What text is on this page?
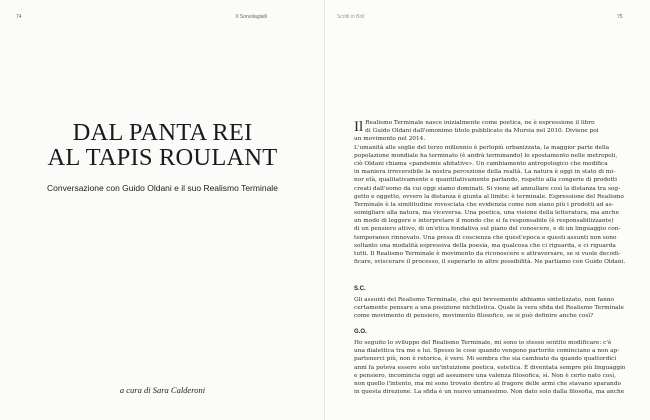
74	Il Sorvolagialli
DAL PANTA REI
AL TAPIS ROULANT
Conversazione con Guido Oldani e il suo Realismo Terminale
a cura di Sara Calderoni
Scritti in Boll	75
Il Realismo Terminale nasce inizialmente come poetica, ne è espressione il libro
di Guido Oldani dall'omonimo titolo pubblicato da Mursia nel 2010. Diviene poi
un movimento nel 2014.
L'umanità alle soglie del terzo millennio è perlopiù urbanizzata, la maggior parte della
popolazione mondiale ha terminato (è andrà terminando) lo spostamento nelle metropoli,
ciò Oldani chiama «pandemie abitative». Un cambiamento antropologico che modifica
in maniera irreversibile la nostra percezione della realtà. La natura è oggi in stato di mi-
nor età, qualitativamente e quantitativamente parlando, rispetto alla congerie di prodotti
creati dall'uomo da cui oggi siamo dominati. Si viene ad annullare così la distanza tra sog-
getto e oggetto, ovvero la distanza è giunta al limite: è terminale. Espressione del Realismo
Terminale è la similitudine rovesciata che evidenzia come non siano più i prodotti ad as-
somigliare alla natura, ma viceversa. Una poetica, una visione della letteratura, ma anche
un modo di leggere e interpretare il mondo che si fa responsabile (è responsabilizzante)
di un pensiero attivo, di un'etica fondativa sul piano del conoscere, e di un linguaggio con-
temporaneo rinnovato. Una presa di coscienza che quest'epoca e questi assunti non sono
soltanto una modalità espressiva della poesia, ma qualcosa che ci riguarda, e ci riguarda
tutti. Il Realismo Terminale è movimento da riconoscere e attraversare, se si vuole decodi-
ficare, sviscerare il processo, il superarlo in altre possibilità. Ne parliamo con Guido Oldani.
S.C.
Gli assunti del Realismo Terminale, che qui brevemente abbiamo sintetizzato, non fanno
certamente pensare a una posizione nichilistica. Quale la vera sfida del Realismo Terminale
come movimento di pensiero, movimento filosofico, se si può definire anche così?
G.O.
Ho seguito lo sviluppo del Realismo Terminale, mi sono io stesso sentito modificare: c'è
una dialettica tra me e lui. Spesso le cose quando vengono partorite cominciano a non ap-
partenerci più, non è retorica, è vero. Mi sembra che sia cambiato da quando quattordici
anni fa poteva essere solo un'intuizione poetica, estetica. È diventata sempre più linguaggio
e pensiero, incomincia oggi ad assumere una valenza filosofica, sì. Non è certo nato così,
non quello l'intento, ma mi sono trovato dentro al fragore delle armi che stavano sparando
in questa direzione. La sfida è un nuovo umanesimo. Non dato solo dalla filosofia, ma anche
